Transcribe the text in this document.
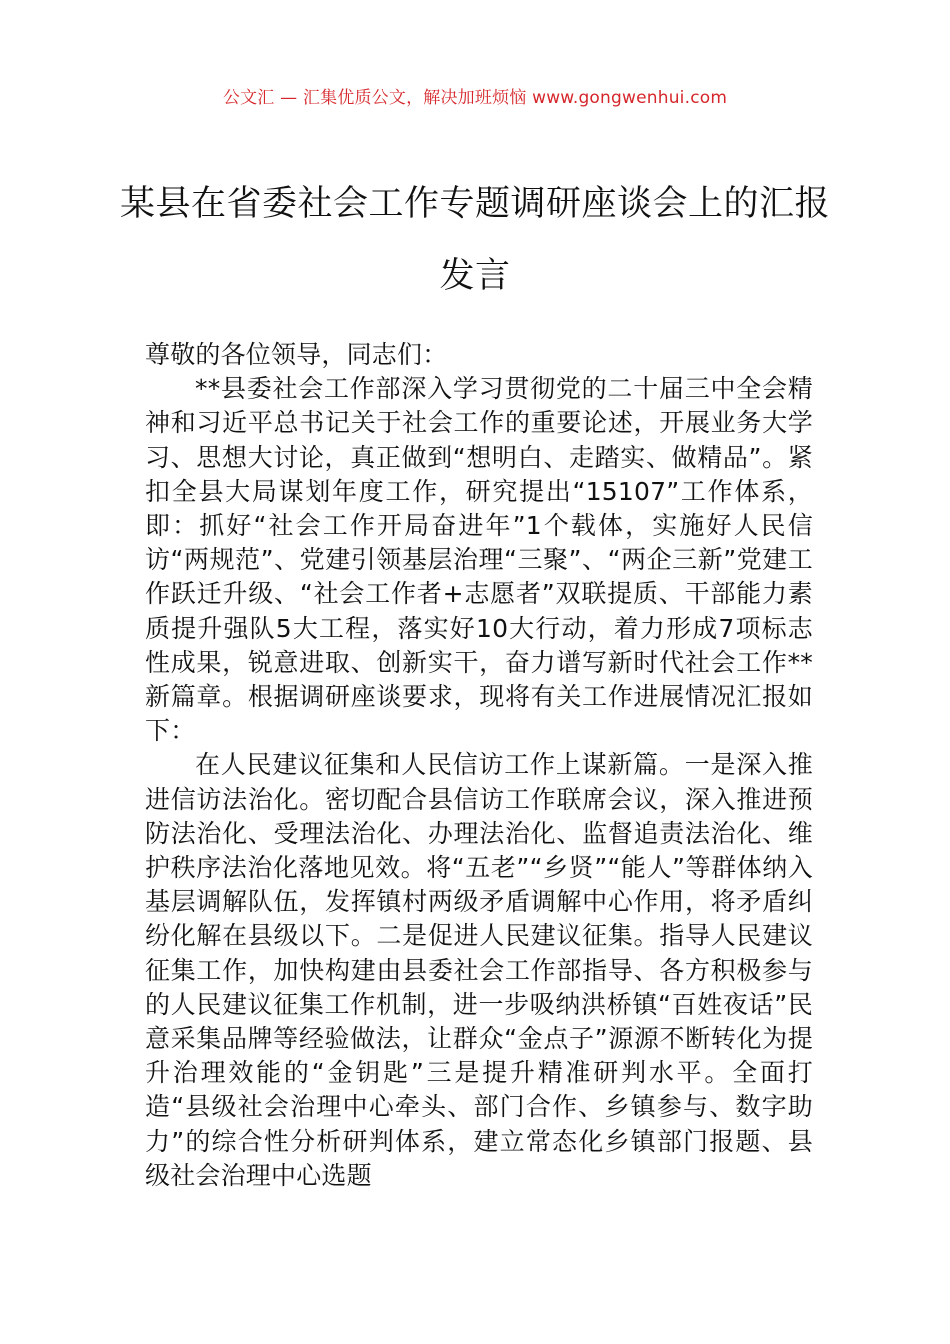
公文汇 — 汇集优质公文，解决加班烦恼 www.gongwenhui.com
某县在省委社会工作专题调研座谈会上的汇报发言

尊敬的各位领导，同志们：

**县委社会工作部深入学习贯彻党的二十届三中全会精神和习近平总书记关于社会工作的重要论述，开展业务大学习、思想大讨论，真正做到“想明白、走踏实、做精品”。紧扣全县大局谋划年度工作，研究提出“15107”工作体系，即：抓好“社会工作开局奋进年”1个载体，实施好人民信访“两规范”、党建引领基层治理“三聚”、“两企三新”党建工作跃迁升级、“社会工作者+志愿者”双联提质、干部能力素质提升强队5大工程，落实好10大行动，着力形成7项标志性成果，锐意进取、创新实干，奋力谱写新时代社会工作**新篇章。根据调研座谈要求，现将有关工作进展情况汇报如下：

在人民建议征集和人民信访工作上谋新篇。一是深入推进信访法治化。密切配合县信访工作联席会议，深入推进预防法治化、受理法治化、办理法治化、监督追责法治化、维护秩序法治化落地见效。将“五老”“乡贤”“能人”等群体纳入基层调解队伍，发挥镇村两级矛盾调解中心作用，将矛盾纠纷化解在县级以下。二是促进人民建议征集。指导人民建议征集工作，加快构建由县委社会工作部指导、各方积极参与的人民建议征集工作机制，进一步吸纳洪桥镇“百姓夜话”民意采集品牌等经验做法，让群众“金点子”源源不断转化为提升治理效能的“金钥匙”三是提升精准研判水平。全面打造“县级社会治理中心牵头、部门合作、乡镇参与、数字助力”的综合性分析研判体系，建立常态化乡镇部门报题、县级社会治理中心选题
